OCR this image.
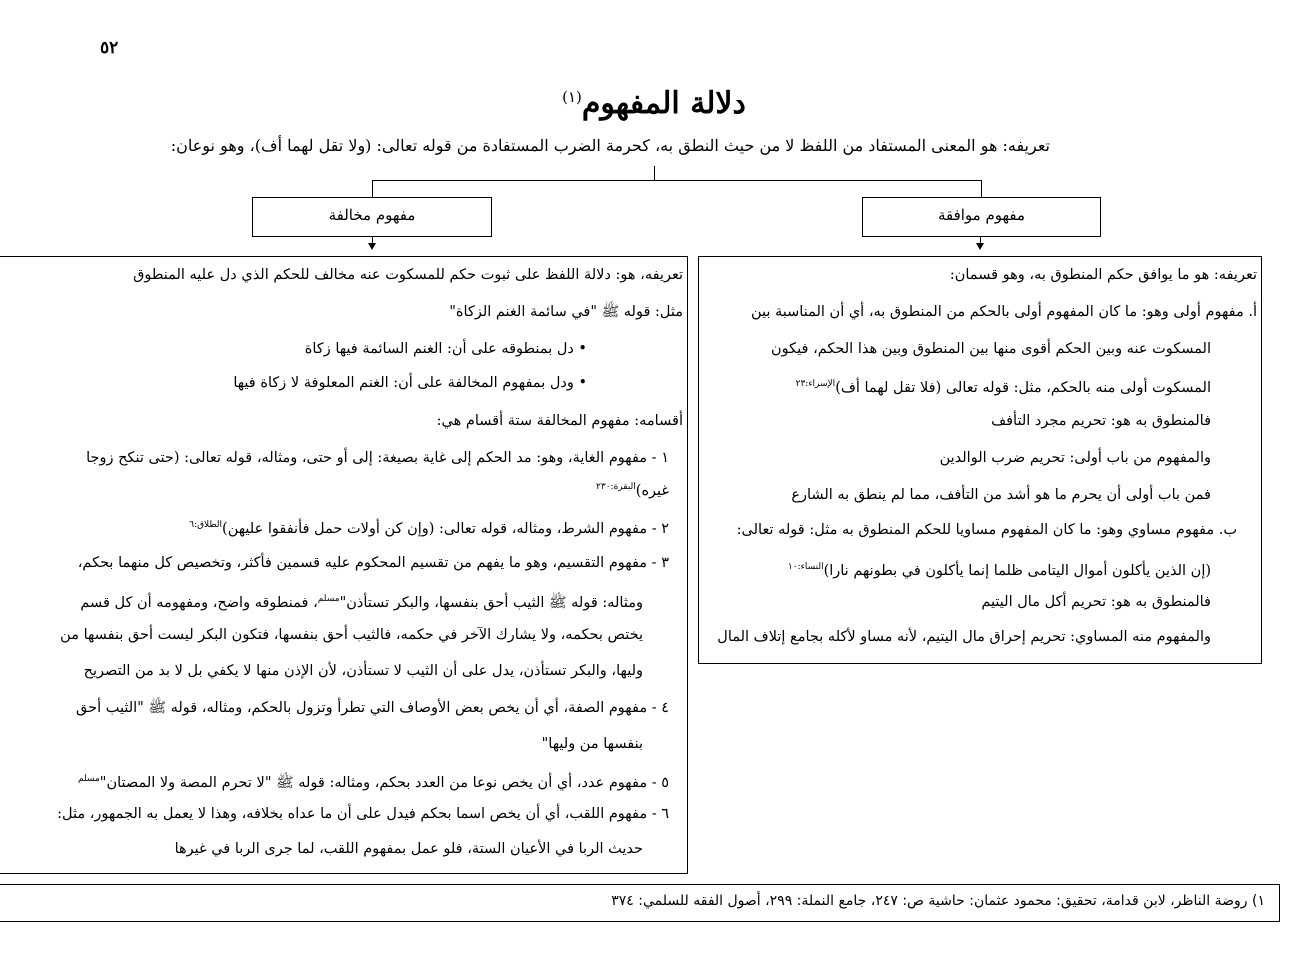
٥٢
دلالة المفهوم$^{(١)}$
تعريفه: هو المعنى المستفاد من اللفظ لا من حيث النطق به، كحرمة الضرب المستفادة من قوله تعالى: (ولا تقل لهما أف)، وهو نوعان:
مفهوم مخالفة	مفهوم موافقة
تعريفه: هو ما يوافق حكم المنطوق به، وهو قسمان:
أ. مفهوم أولى وهو: ما كان المفهوم أولى بالحكم من المنطوق به، أي أن المناسبة بين
المسكوت عنه وبين الحكم أقوى منها بين المنطوق وبين هذا الحكم، فيكون
المسكوت أولى منه بالحكم، مثل: قوله تعالى (فلا تقل لهما أف)$^{الإسراء:٢٣}$
فالمنطوق به هو: تحريم مجرد التأفف
والمفهوم من باب أولى: تحريم ضرب الوالدين
فمن باب أولى أن يحرم ما هو أشد من التأفف، مما لم ينطق به الشارع
ب. مفهوم مساوي وهو: ما كان المفهوم مساويا للحكم المنطوق به مثل: قوله تعالى:
(إن الذين يأكلون أموال اليتامى ظلما إنما يأكلون في بطونهم نارا)$^{النساء:١٠}$
فالمنطوق به هو: تحريم أكل مال اليتيم
والمفهوم منه المساوي: تحريم إحراق مال اليتيم، لأنه مساو لأكله بجامع إتلاف المال
تعريفه، هو: دلالة اللفظ على ثبوت حكم للمسكوت عنه مخالف للحكم الذي دل عليه المنطوق
مثل: قوله ﷺ "في سائمة الغنم الزكاة"
• دل بمنطوقه على أن: الغنم السائمة فيها زكاة
• ودل بمفهوم المخالفة على أن: الغنم المعلوفة لا زكاة فيها
أقسامه: مفهوم المخالفة ستة أقسام هي:
١ - مفهوم الغاية، وهو: مد الحكم إلى غاية بصيغة: إلى أو حتى، ومثاله، قوله تعالى: (حتى تنكح زوجا
غيره)$^{البقرة:٢٣٠}$
٢ - مفهوم الشرط، ومثاله، قوله تعالى: (وإن كن أولات حمل فأنفقوا عليهن)$^{الطلاق:٦}$
٣ - مفهوم التقسيم، وهو ما يفهم من تقسيم المحكوم عليه قسمين فأكثر، وتخصيص كل منهما بحكم،
ومثاله: قوله ﷺ الثيب أحق بنفسها، والبكر تستأذن"$^{مسلم}$، فمنطوقه واضح، ومفهومه أن كل قسم
يختص بحكمه، ولا يشارك الآخر في حكمه، فالثيب أحق بنفسها، فتكون البكر ليست أحق بنفسها من
وليها، والبكر تستأذن، يدل على أن الثيب لا تستأذن، لأن الإذن منها لا يكفي بل لا بد من التصريح
٤ - مفهوم الصفة، أي أن يخص بعض الأوصاف التي تطرأ وتزول بالحكم، ومثاله، قوله ﷺ "الثيب أحق
بنفسها من وليها"
٥ - مفهوم عدد، أي أن يخص نوعا من العدد بحكم، ومثاله: قوله ﷺ "لا تحرم المصة ولا المصتان"$^{مسلم}$
٦ - مفهوم اللقب، أي أن يخص اسما بحكم فيدل على أن ما عداه بخلافه، وهذا لا يعمل به الجمهور، مثل:
حديث الربا في الأعيان الستة، فلو عمل بمفهوم اللقب، لما جرى الربا في غيرها
١) روضة الناظر، لابن قدامة، تحقيق: محمود عثمان: حاشية ص: ٢٤٧، جامع النملة: ٢٩٩، أصول الفقه للسلمي: ٣٧٤
